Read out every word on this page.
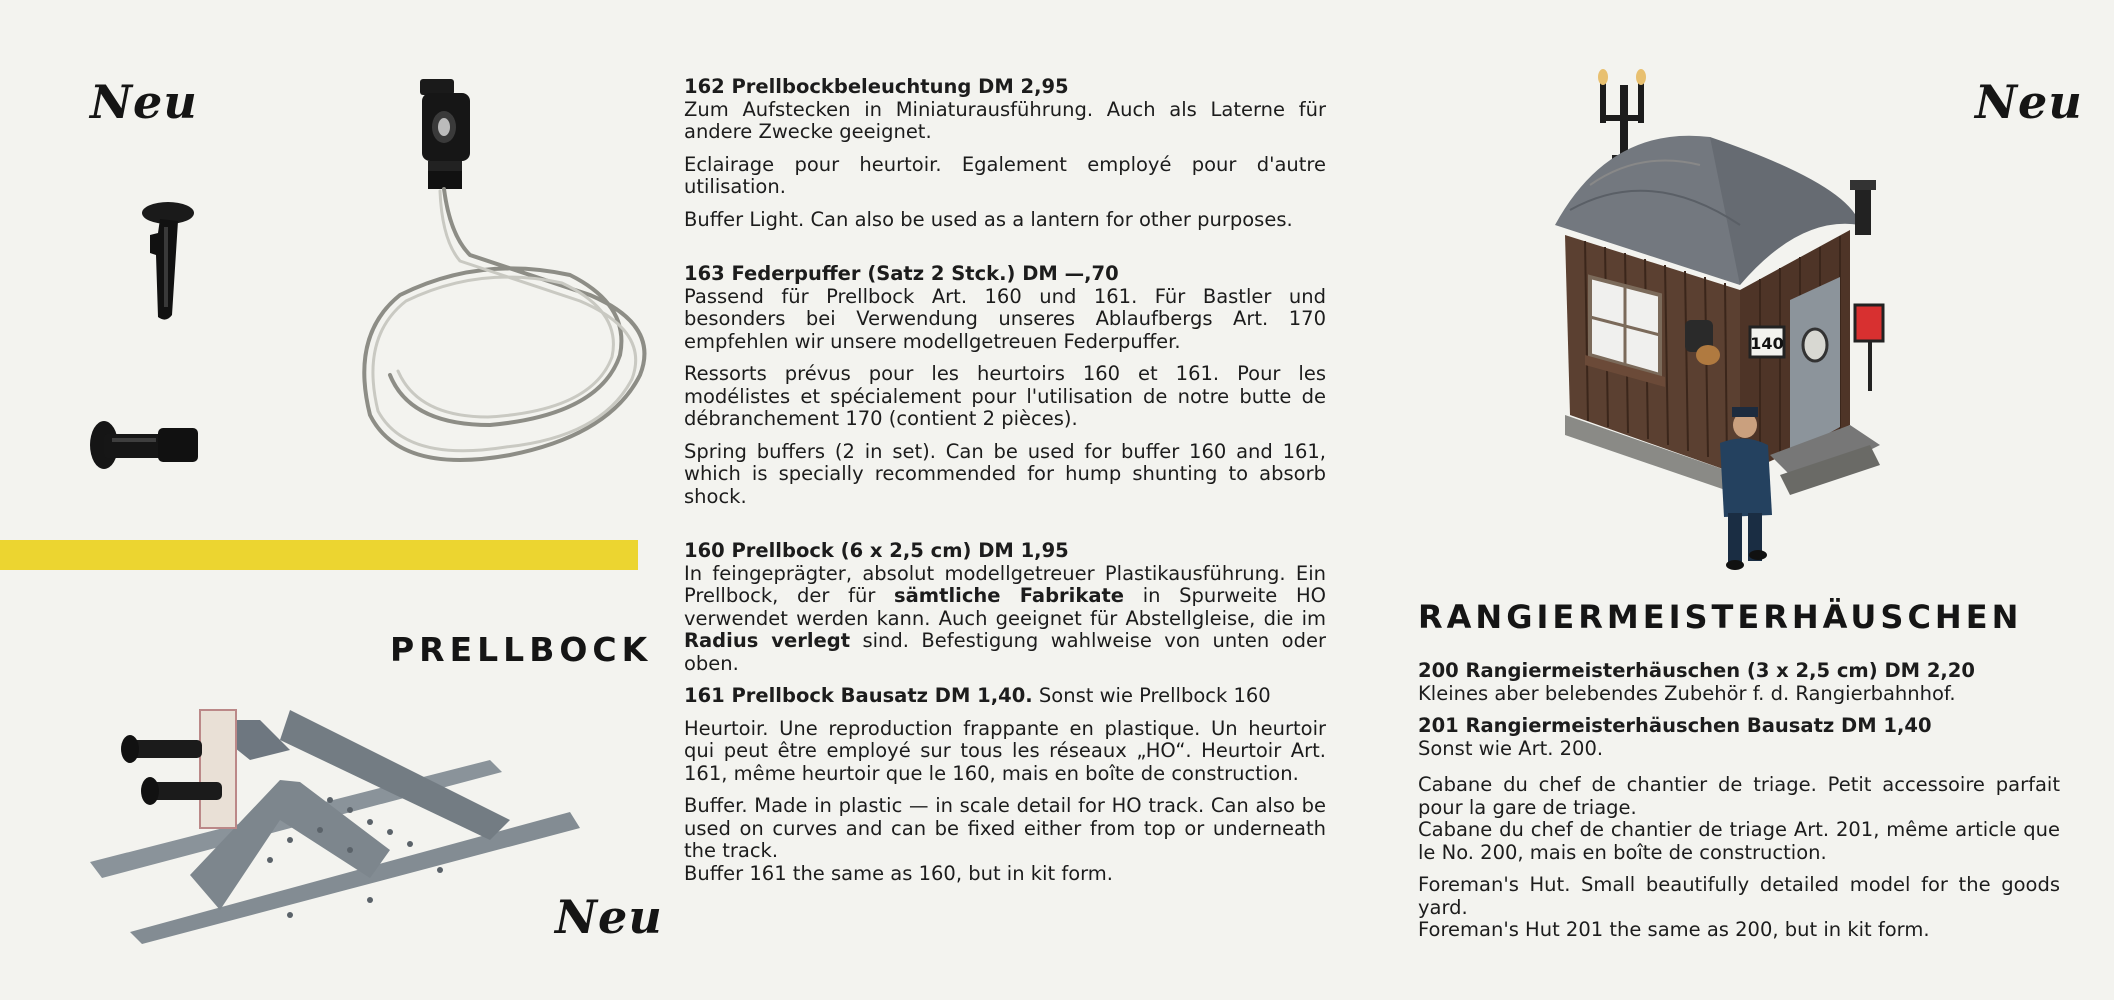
Neu
PRELLBOCK
Neu

162 Prellbockbeleuchtung DM 2,95

Zum Aufstecken in Miniaturausführung. Auch als Laterne für andere Zwecke geeignet.

Eclairage pour heurtoir. Egalement employé pour d'autre utilisation.

Buffer Light. Can also be used as a lantern for other purposes.

163 Federpuffer (Satz 2 Stck.) DM —,70

Passend für Prellbock Art. 160 und 161. Für Bastler und besonders bei Verwendung unseres Ablaufbergs Art. 170 empfehlen wir unsere modellgetreuen Federpuffer.

Ressorts prévus pour les heurtoirs 160 et 161. Pour les modélistes et spécialement pour l'utilisation de notre butte de débranchement 170 (contient 2 pièces).

Spring buffers (2 in set). Can be used for buffer 160 and 161, which is specially recommended for hump shunting to absorb shock.

160 Prellbock (6 x 2,5 cm) DM 1,95

In feingeprägter, absolut modellgetreuer Plastikausführung. Ein Prellbock, der für sämtliche Fabrikate in Spurweite HO verwendet werden kann. Auch geeignet für Abstellgleise, die im Radius verlegt sind. Befestigung wahlweise von unten oder oben.

161 Prellbock Bausatz DM 1,40. Sonst wie Prellbock 160

Heurtoir. Une reproduction frappante en plastique. Un heurtoir qui peut être employé sur tous les réseaux „HO“. Heurtoir Art. 161, même heurtoir que le 160, mais en boîte de construction.

Buffer. Made in plastic — in scale detail for HO track. Can also be used on curves and can be fixed either from top or underneath the track.

Buffer 161 the same as 160, but in kit form.

Neu
140
RANGIERMEISTERHÄUSCHEN

200 Rangiermeisterhäuschen (3 x 2,5 cm) DM 2,20

Kleines aber belebendes Zubehör f. d. Rangierbahnhof.

201 Rangiermeisterhäuschen Bausatz DM 1,40

Sonst wie Art. 200.

Cabane du chef de chantier de triage. Petit accessoire parfait pour la gare de triage.

Cabane du chef de chantier de triage Art. 201, même article que le No. 200, mais en boîte de construction.

Foreman's Hut. Small beautifully detailed model for the goods yard.

Foreman's Hut 201 the same as 200, but in kit form.
